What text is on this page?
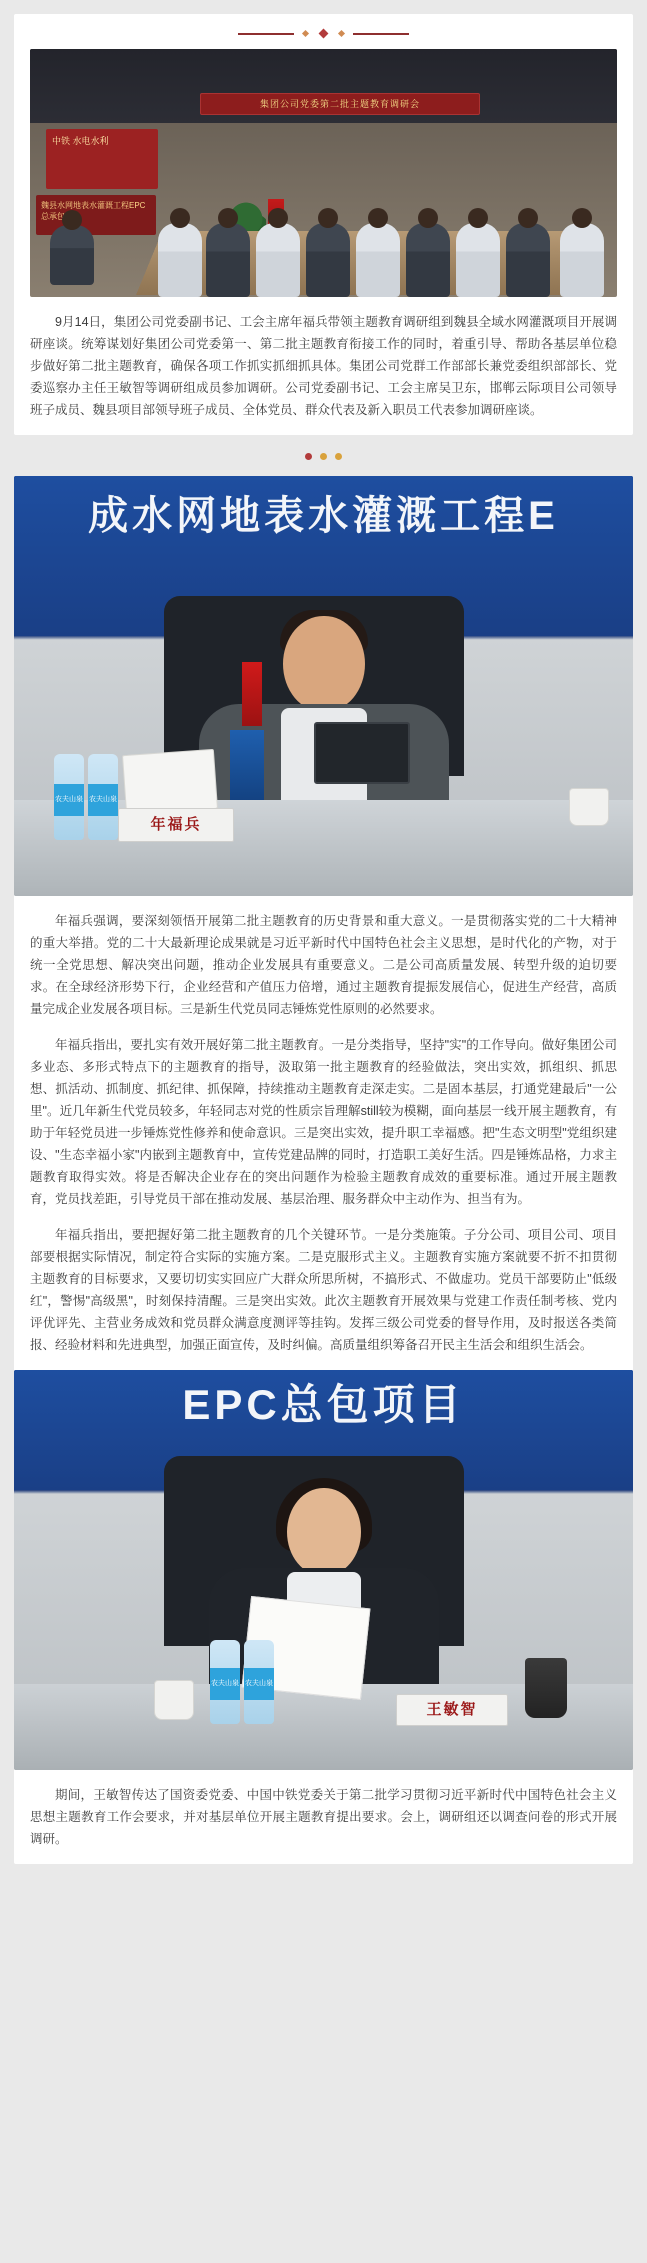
集团公司党委第二批主题教育调研会
中铁 水电水利
魏县水网地表水灌溉工程EPC总承包

9月14日，集团公司党委副书记、工会主席年福兵带领主题教育调研组到魏县全域水网灌溉项目开展调研座谈。统筹谋划好集团公司党委第一、第二批主题教育衔接工作的同时，着重引导、帮助各基层单位稳步做好第二批主题教育，确保各项工作抓实抓细抓具体。集团公司党群工作部部长兼党委组织部部长、党委巡察办主任王敏智等调研组成员参加调研。公司党委副书记、工会主席吴卫东，邯郸云际项目公司领导班子成员、魏县项目部领导班子成员、全体党员、群众代表及新入职员工代表参加调研座谈。

成水网地表水灌溉工程E
农夫山泉 农夫山泉
年福兵

年福兵强调，要深刻领悟开展第二批主题教育的历史背景和重大意义。一是贯彻落实党的二十大精神的重大举措。党的二十大最新理论成果就是习近平新时代中国特色社会主义思想，是时代化的产物，对于统一全党思想、解决突出问题，推动企业发展具有重要意义。二是公司高质量发展、转型升级的迫切要求。在全球经济形势下行，企业经营和产值压力倍增，通过主题教育提振发展信心，促进生产经营，高质量完成企业发展各项目标。三是新生代党员同志锤炼党性原则的必然要求。

年福兵指出，要扎实有效开展好第二批主题教育。一是分类指导，坚持"实"的工作导向。做好集团公司多业态、多形式特点下的主题教育的指导，汲取第一批主题教育的经验做法，突出实效，抓组织、抓思想、抓活动、抓制度、抓纪律、抓保障，持续推动主题教育走深走实。二是固本基层，打通党建最后"一公里"。近几年新生代党员较多，年轻同志对党的性质宗旨理解still较为模糊，面向基层一线开展主题教育，有助于年轻党员进一步锤炼党性修养和使命意识。三是突出实效，提升职工幸福感。把"生态文明型"党组织建设、"生态幸福小家"内嵌到主题教育中，宣传党建品牌的同时，打造职工美好生活。四是锤炼品格，力求主题教育取得实效。将是否解决企业存在的突出问题作为检验主题教育成效的重要标准。通过开展主题教育，党员找差距，引导党员干部在推动发展、基层治理、服务群众中主动作为、担当有为。

年福兵指出，要把握好第二批主题教育的几个关键环节。一是分类施策。子分公司、项目公司、项目部要根据实际情况，制定符合实际的实施方案。二是克服形式主义。主题教育实施方案就要不折不扣贯彻主题教育的目标要求，又要切切实实回应广大群众所思所树，不搞形式、不做虚功。党员干部要防止"低级红"，警惕"高级黑"，时刻保持清醒。三是突出实效。此次主题教育开展效果与党建工作责任制考核、党内评优评先、主营业务成效和党员群众满意度测评等挂钩。发挥三级公司党委的督导作用，及时报送各类简报、经验材料和先进典型，加强正面宣传，及时纠偏。高质量组织筹备召开民主生活会和组织生活会。

EPC总包项目
农夫山泉 农夫山泉
王敏智

期间，王敏智传达了国资委党委、中国中铁党委关于第二批学习贯彻习近平新时代中国特色社会主义思想主题教育工作会要求，并对基层单位开展主题教育提出要求。会上，调研组还以调查问卷的形式开展调研。
